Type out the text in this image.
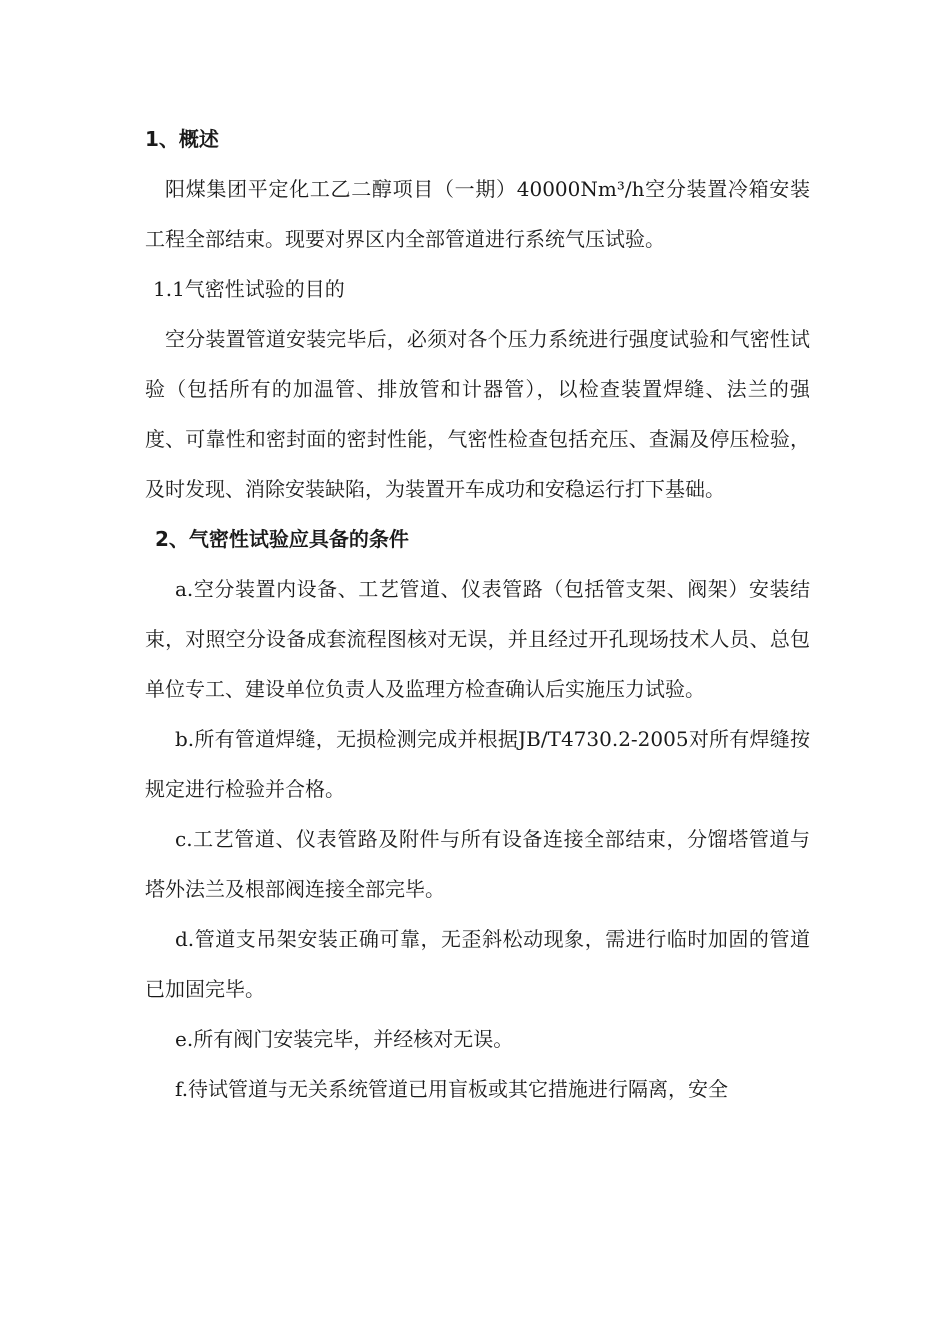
1、概述

阳煤集团平定化工乙二醇项目（一期）40000Nm³/h空分装置冷箱安装工程全部结束。现要对界区内全部管道进行系统气压试验。

1.1气密性试验的目的

空分装置管道安装完毕后，必须对各个压力系统进行强度试验和气密性试验（包括所有的加温管、排放管和计器管），以检查装置焊缝、法兰的强度、可靠性和密封面的密封性能，气密性检查包括充压、查漏及停压检验，及时发现、消除安装缺陷，为装置开车成功和安稳运行打下基础。

2、气密性试验应具备的条件

a.空分装置内设备、工艺管道、仪表管路（包括管支架、阀架）安装结束，对照空分设备成套流程图核对无误，并且经过开孔现场技术人员、总包单位专工、建设单位负责人及监理方检查确认后实施压力试验。

b.所有管道焊缝，无损检测完成并根据JB/T4730.2-2005对所有焊缝按规定进行检验并合格。

c.工艺管道、仪表管路及附件与所有设备连接全部结束，分馏塔管道与塔外法兰及根部阀连接全部完毕。

d.管道支吊架安装正确可靠，无歪斜松动现象，需进行临时加固的管道已加固完毕。

e.所有阀门安装完毕，并经核对无误。

f.待试管道与无关系统管道已用盲板或其它措施进行隔离，安全
